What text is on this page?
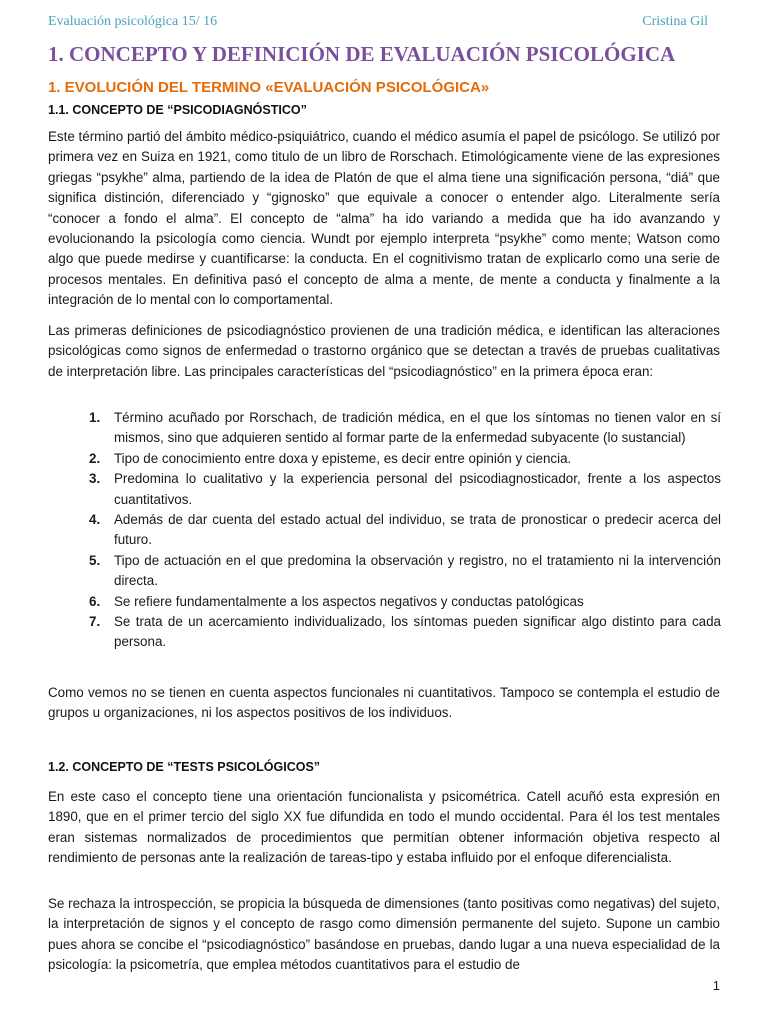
Evaluación psicológica 15/ 16	Cristina Gil
1. CONCEPTO Y DEFINICIÓN DE EVALUACIÓN PSICOLÓGICA
1. EVOLUCIÓN DEL TERMINO «EVALUACIÓN PSICOLÓGICA»
1.1. CONCEPTO DE “PSICODIAGNÓSTICO”
Este término partió del ámbito médico-psiquiátrico, cuando el médico asumía el papel de psicólogo. Se utilizó por primera vez en Suiza en 1921, como titulo de un libro de Rorschach. Etimológicamente viene de las expresiones griegas “psykhe” alma, partiendo de la idea de Platón de que el alma tiene una significación persona, “diá” que significa distinción, diferenciado y “gignosko” que equivale a conocer o entender algo. Literalmente sería “conocer a fondo el alma”. El concepto de “alma” ha ido variando a medida que ha ido avanzando y evolucionando la psicología como ciencia. Wundt por ejemplo interpreta “psykhe” como mente; Watson como algo que puede medirse y cuantificarse: la conducta. En el cognitivismo tratan de explicarlo como una serie de procesos mentales. En definitiva pasó el concepto de alma a mente, de mente a conducta y finalmente a la integración de lo mental con lo comportamental.
Las primeras definiciones de psicodiagnóstico provienen de una tradición médica, e identifican las alteraciones psicológicas como signos de enfermedad o trastorno orgánico que se detectan a través de pruebas cualitativas de interpretación libre. Las principales características del “psicodiagnóstico” en la primera época eran:
1.	Término acuñado por Rorschach, de tradición médica, en el que los síntomas no tienen valor en sí mismos, sino que adquieren sentido al formar parte de la enfermedad subyacente (lo sustancial)
2.	Tipo de conocimiento entre doxa y episteme, es decir entre opinión y ciencia.
3.	Predomina lo cualitativo y la experiencia personal del psicodiagnosticador, frente a los aspectos cuantitativos.
4.	Además de dar cuenta del estado actual del individuo, se trata de pronosticar o predecir acerca del futuro.
5.	Tipo de actuación en el que predomina la observación y registro, no el tratamiento ni la intervención directa.
6.	Se refiere fundamentalmente a los aspectos negativos y conductas patológicas
7.	Se trata de un acercamiento individualizado, los síntomas pueden significar algo distinto para cada persona.
Como vemos no se tienen en cuenta aspectos funcionales ni cuantitativos. Tampoco se contempla el estudio de grupos u organizaciones, ni los aspectos positivos de los individuos.
1.2. CONCEPTO DE “TESTS PSICOLÓGICOS”
En este caso el concepto tiene una orientación funcionalista y psicométrica. Catell acuñó esta expresión en 1890, que en el primer tercio del siglo XX fue difundida en todo el mundo occidental. Para él los test mentales eran sistemas normalizados de procedimientos que permitían obtener información objetiva respecto al rendimiento de personas ante la realización de tareas-tipo y estaba influido por el enfoque diferencialista.
Se rechaza la introspección, se propicia la búsqueda de dimensiones (tanto positivas como negativas) del sujeto, la interpretación de signos y el concepto de rasgo como dimensión permanente del sujeto. Supone un cambio pues ahora se concibe el “psicodiagnóstico” basándose en pruebas, dando lugar a una nueva especialidad de la psicología: la psicometría, que emplea métodos cuantitativos para el estudio de
1
